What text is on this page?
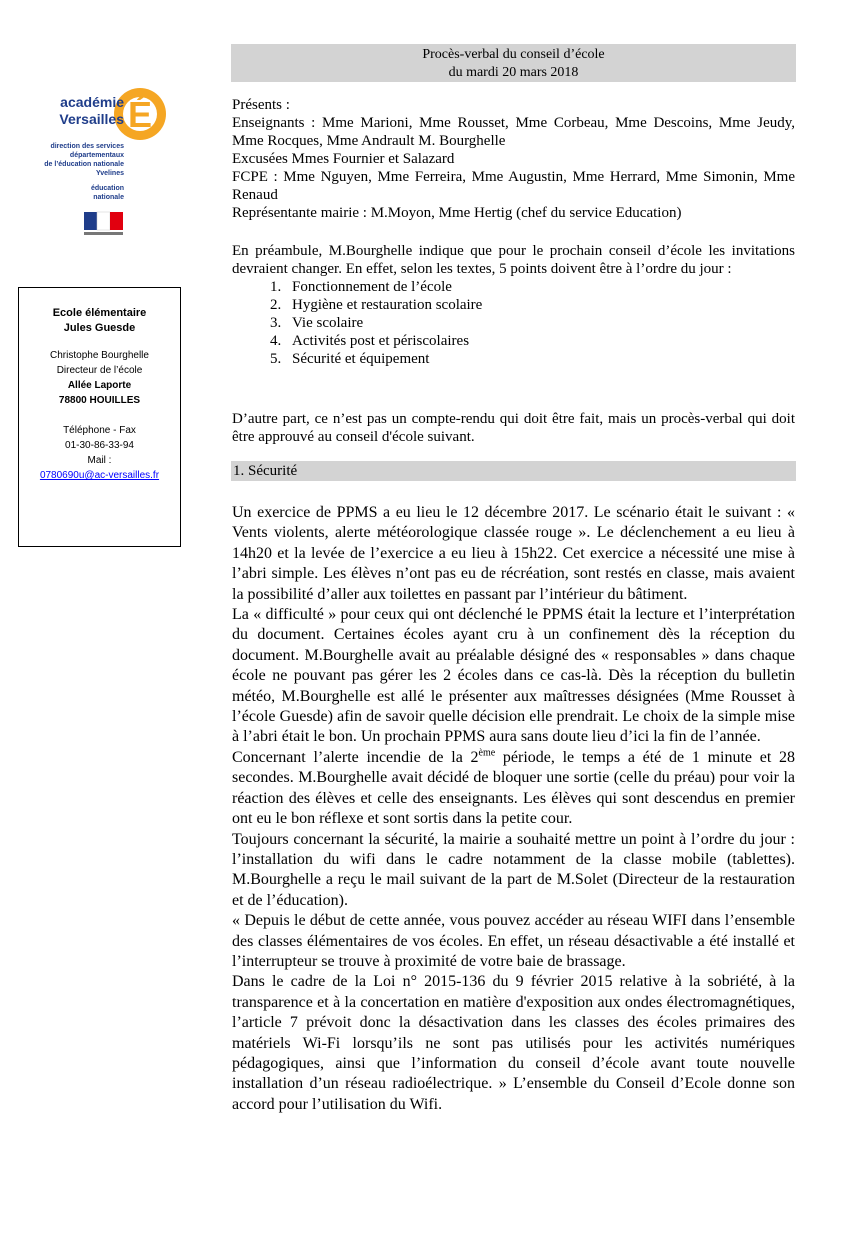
Procès-verbal du conseil d’école
du mardi 20 mars 2018
É
académie
Versailles
direction des services
départementaux
de l’éducation nationale
Yvelines
éducation
nationale
Ecole élémentaire
Jules Guesde
Christophe Bourghelle
Directeur de l’école
Allée Laporte
78800 HOUILLES
Téléphone - Fax
01-30-86-33-94
Mail :
0780690u@ac-versailles.fr
Présents :
Enseignants : Mme Marioni, Mme Rousset, Mme Corbeau, Mme Descoins, Mme Jeudy, Mme Rocques, Mme Andrault M. Bourghelle
Excusées Mmes Fournier et Salazard
FCPE : Mme Nguyen, Mme Ferreira, Mme Augustin, Mme Herrard, Mme Simonin, Mme Renaud
Représentante mairie : M.Moyon, Mme Hertig (chef du service Education)
En préambule, M.Bourghelle indique que pour le prochain conseil d’école les invitations devraient changer. En effet, selon les textes, 5 points doivent être à l’ordre du jour :
1. Fonctionnement de l’école
2. Hygiène et restauration scolaire
3. Vie scolaire
4. Activités post et périscolaires
5. Sécurité et équipement
D’autre part, ce n’est pas un compte-rendu qui doit être fait, mais un procès-verbal qui doit être approuvé au conseil d'école suivant.
1. Sécurité

Un exercice de PPMS a eu lieu le 12 décembre 2017. Le scénario était le suivant : « Vents violents, alerte météorologique classée rouge ». Le déclenchement a eu lieu à 14h20 et la levée de l’exercice a eu lieu à 15h22. Cet exercice a nécessité une mise à l’abri simple. Les élèves n’ont pas eu de récréation, sont restés en classe, mais avaient la possibilité d’aller aux toilettes en passant par l’intérieur du bâtiment.

La « difficulté » pour ceux qui ont déclenché le PPMS était la lecture et l’interprétation du document. Certaines écoles ayant cru à un confinement dès la réception du document. M.Bourghelle avait au préalable désigné des « responsables » dans chaque école ne pouvant pas gérer les 2 écoles dans ce cas-là. Dès la réception du bulletin météo, M.Bourghelle est allé le présenter aux maîtresses désignées (Mme Rousset à l’école Guesde) afin de savoir quelle décision elle prendrait. Le choix de la simple mise à l’abri était le bon. Un prochain PPMS aura sans doute lieu d’ici la fin de l’année.

Concernant l’alerte incendie de la 2ème période, le temps a été de 1 minute et 28 secondes. M.Bourghelle avait décidé de bloquer une sortie (celle du préau) pour voir la réaction des élèves et celle des enseignants. Les élèves qui sont descendus en premier ont eu le bon réflexe et sont sortis dans la petite cour.

Toujours concernant la sécurité, la mairie a souhaité mettre un point à l’ordre du jour : l’installation du wifi dans le cadre notamment de la classe mobile (tablettes). M.Bourghelle a reçu le mail suivant de la part de M.Solet (Directeur de la restauration et de l’éducation).

« Depuis le début de cette année, vous pouvez accéder au réseau WIFI dans l’ensemble des classes élémentaires de vos écoles. En effet, un réseau désactivable a été installé et l’interrupteur se trouve à proximité de votre baie de brassage.

Dans le cadre de la Loi n° 2015-136 du 9 février 2015 relative à la sobriété, à la transparence et à la concertation en matière d'exposition aux ondes électromagnétiques, l’article 7 prévoit donc la désactivation dans les classes des écoles primaires des matériels Wi-Fi lorsqu’ils ne sont pas utilisés pour les activités numériques pédagogiques, ainsi que l’information du conseil d’école avant toute nouvelle installation d’un réseau radioélectrique. » L’ensemble du Conseil d’Ecole donne son accord pour l’utilisation du Wifi.
